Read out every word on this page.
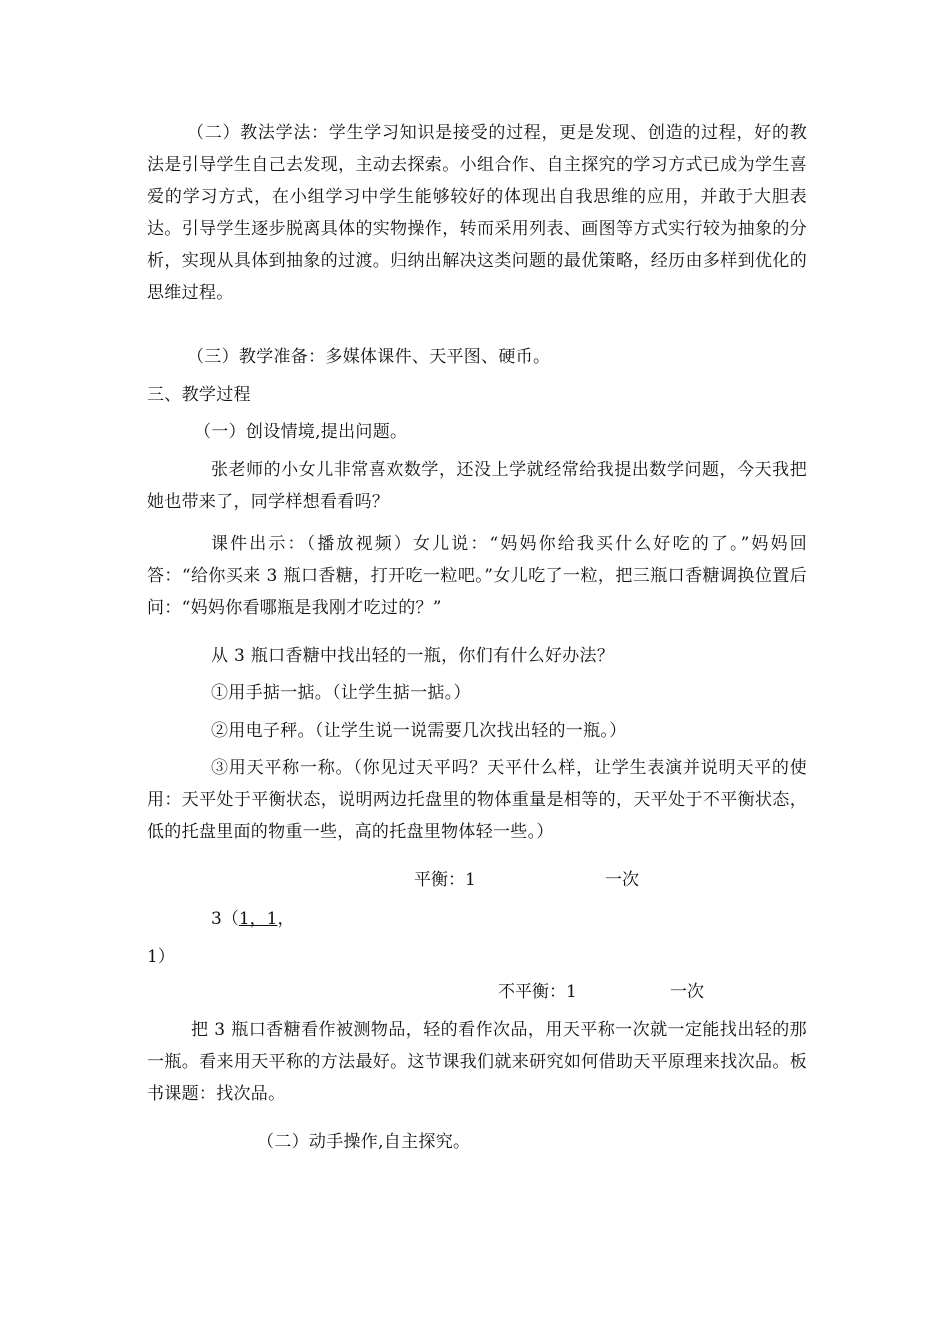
（二）教法学法：学生学习知识是接受的过程，更是发现、创造的过程，好的教法是引导学生自己去发现，主动去探索。小组合作、自主探究的学习方式已成为学生喜爱的学习方式，在小组学习中学生能够较好的体现出自我思维的应用，并敢于大胆表达。引导学生逐步脱离具体的实物操作，转而采用列表、画图等方式实行较为抽象的分析，实现从具体到抽象的过渡。归纳出解决这类问题的最优策略，经历由多样到优化的思维过程。

（三）教学准备：多媒体课件、天平图、硬币。

三、教学过程

（一）创设情境,提出问题。

张老师的小女儿非常喜欢数学，还没上学就经常给我提出数学问题，今天我把她也带来了，同学样想看看吗？

课件出示：（播放视频）女儿说：“妈妈你给我买什么好吃的了。”妈妈回答：“给你买来 3 瓶口香糖，打开吃一粒吧。”女儿吃了一粒，把三瓶口香糖调换位置后问：“妈妈你看哪瓶是我刚才吃过的？”

从 3 瓶口香糖中找出轻的一瓶，你们有什么好办法？

①用手掂一掂。（让学生掂一掂。）

②用电子秤。（让学生说一说需要几次找出轻的一瓶。）

③用天平称一称。（你见过天平吗？天平什么样，让学生表演并说明天平的使用：天平处于平衡状态，说明两边托盘里的物体重量是相等的，天平处于不平衡状态，低的托盘里面的物重一些，高的托盘里物体轻一些。）

平衡：1	一次
3（1，1，
1）
不平衡：1	一次

把 3 瓶口香糖看作被测物品，轻的看作次品，用天平称一次就一定能找出轻的那一瓶。看来用天平称的方法最好。这节课我们就来研究如何借助天平原理来找次品。板书课题：找次品。

（二）动手操作,自主探究。
